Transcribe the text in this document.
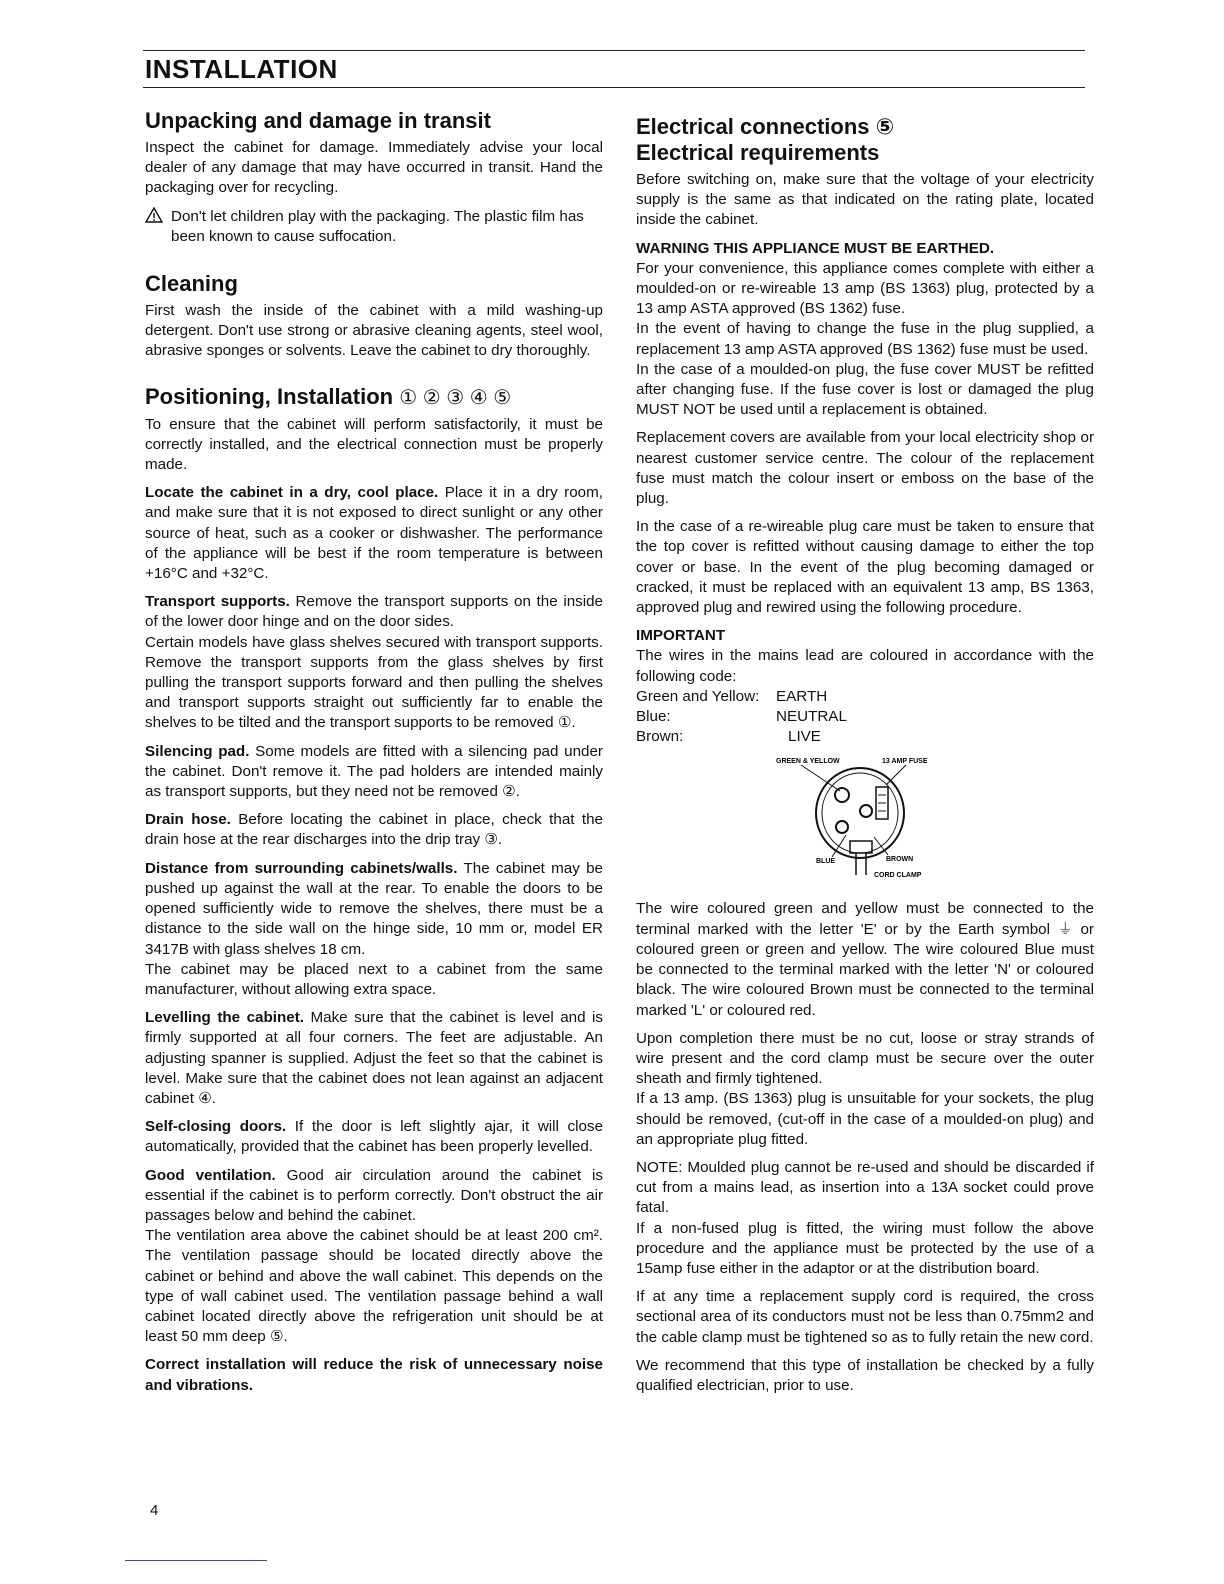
INSTALLATION
Unpacking and damage in transit

Inspect the cabinet for damage. Immediately advise your local dealer of any damage that may have occurred in transit. Hand the packaging over for recycling.

Don't let children play with the packaging. The plastic film has been known to cause suffocation.
Cleaning

First wash the inside of the cabinet with a mild washing-up detergent. Don't use strong or abrasive cleaning agents, steel wool, abrasive sponges or solvents. Leave the cabinet to dry thoroughly.

Positioning, Installation ① ② ③ ④ ⑤

To ensure that the cabinet will perform satisfactorily, it must be correctly installed, and the electrical connection must be properly made.

Locate the cabinet in a dry, cool place. Place it in a dry room, and make sure that it is not exposed to direct sunlight or any other source of heat, such as a cooker or dishwasher. The performance of the appliance will be best if the room temperature is between +16°C and +32°C.

Transport supports. Remove the transport supports on the inside of the lower door hinge and on the door sides.

Certain models have glass shelves secured with transport supports. Remove the transport supports from the glass shelves by first pulling the transport supports forward and then pulling the shelves and transport supports straight out sufficiently far to enable the shelves to be tilted and the transport supports to be removed ①.

Silencing pad. Some models are fitted with a silencing pad under the cabinet. Don't remove it. The pad holders are intended mainly as transport supports, but they need not be removed ②.

Drain hose. Before locating the cabinet in place, check that the drain hose at the rear discharges into the drip tray ③.

Distance from surrounding cabinets/walls. The cabinet may be pushed up against the wall at the rear. To enable the doors to be opened sufficiently wide to remove the shelves, there must be a distance to the side wall on the hinge side, 10 mm or, model ER 3417B with glass shelves 18 cm.

The cabinet may be placed next to a cabinet from the same manufacturer, without allowing extra space.

Levelling the cabinet. Make sure that the cabinet is level and is firmly supported at all four corners. The feet are adjustable. An adjusting spanner is supplied. Adjust the feet so that the cabinet is level. Make sure that the cabinet does not lean against an adjacent cabinet ④.

Self-closing doors. If the door is left slightly ajar, it will close automatically, provided that the cabinet has been properly levelled.

Good ventilation. Good air circulation around the cabinet is essential if the cabinet is to perform correctly. Don't obstruct the air passages below and behind the cabinet.

The ventilation area above the cabinet should be at least 200 cm². The ventilation passage should be located directly above the cabinet or behind and above the wall cabinet. This depends on the type of wall cabinet used. The ventilation passage behind a wall cabinet located directly above the refrigeration unit should be at least 50 mm deep ⑤.

Correct installation will reduce the risk of unnecessary noise and vibrations.

Electrical connections ⑤
Electrical requirements

Before switching on, make sure that the voltage of your electricity supply is the same as that indicated on the rating plate, located inside the cabinet.

WARNING THIS APPLIANCE MUST BE EARTHED.

For your convenience, this appliance comes complete with either a moulded-on or re-wireable 13 amp (BS 1363) plug, protected by a 13 amp ASTA approved (BS 1362) fuse.

In the event of having to change the fuse in the plug supplied, a replacement 13 amp ASTA approved (BS 1362) fuse must be used.

In the case of a moulded-on plug, the fuse cover MUST be refitted after changing fuse. If the fuse cover is lost or damaged the plug MUST NOT be used until a replacement is obtained.

Replacement covers are available from your local electricity shop or nearest customer service centre. The colour of the replacement fuse must match the colour insert or emboss on the base of the plug.

In the case of a re-wireable plug care must be taken to ensure that the top cover is refitted without causing damage to either the top cover or base. In the event of the plug becoming damaged or cracked, it must be replaced with an equivalent 13 amp, BS 1363, approved plug and rewired using the following procedure.

IMPORTANT

The wires in the mains lead are coloured in accordance with the following code:

Green and Yellow:	EARTH
Blue:	NEUTRAL
Brown:	LIVE
GREEN & YELLOW	13 AMP FUSE
BLUE	BROWN
CORD CLAMP

The wire coloured green and yellow must be connected to the terminal marked with the letter 'E' or by the Earth symbol ⏚ or coloured green or green and yellow. The wire coloured Blue must be connected to the terminal marked with the letter 'N' or coloured black. The wire coloured Brown must be connected to the terminal marked 'L' or coloured red.

Upon completion there must be no cut, loose or stray strands of wire present and the cord clamp must be secure over the outer sheath and firmly tightened.

If a 13 amp. (BS 1363) plug is unsuitable for your sockets, the plug should be removed, (cut-off in the case of a moulded-on plug) and an appropriate plug fitted.

NOTE: Moulded plug cannot be re-used and should be discarded if cut from a mains lead, as insertion into a 13A socket could prove fatal.

If a non-fused plug is fitted, the wiring must follow the above procedure and the appliance must be protected by the use of a 15amp fuse either in the adaptor or at the distribution board.

If at any time a replacement supply cord is required, the cross sectional area of its conductors must not be less than 0.75mm2 and the cable clamp must be tightened so as to fully retain the new cord.

We recommend that this type of installation be checked by a fully qualified electrician, prior to use.

4
